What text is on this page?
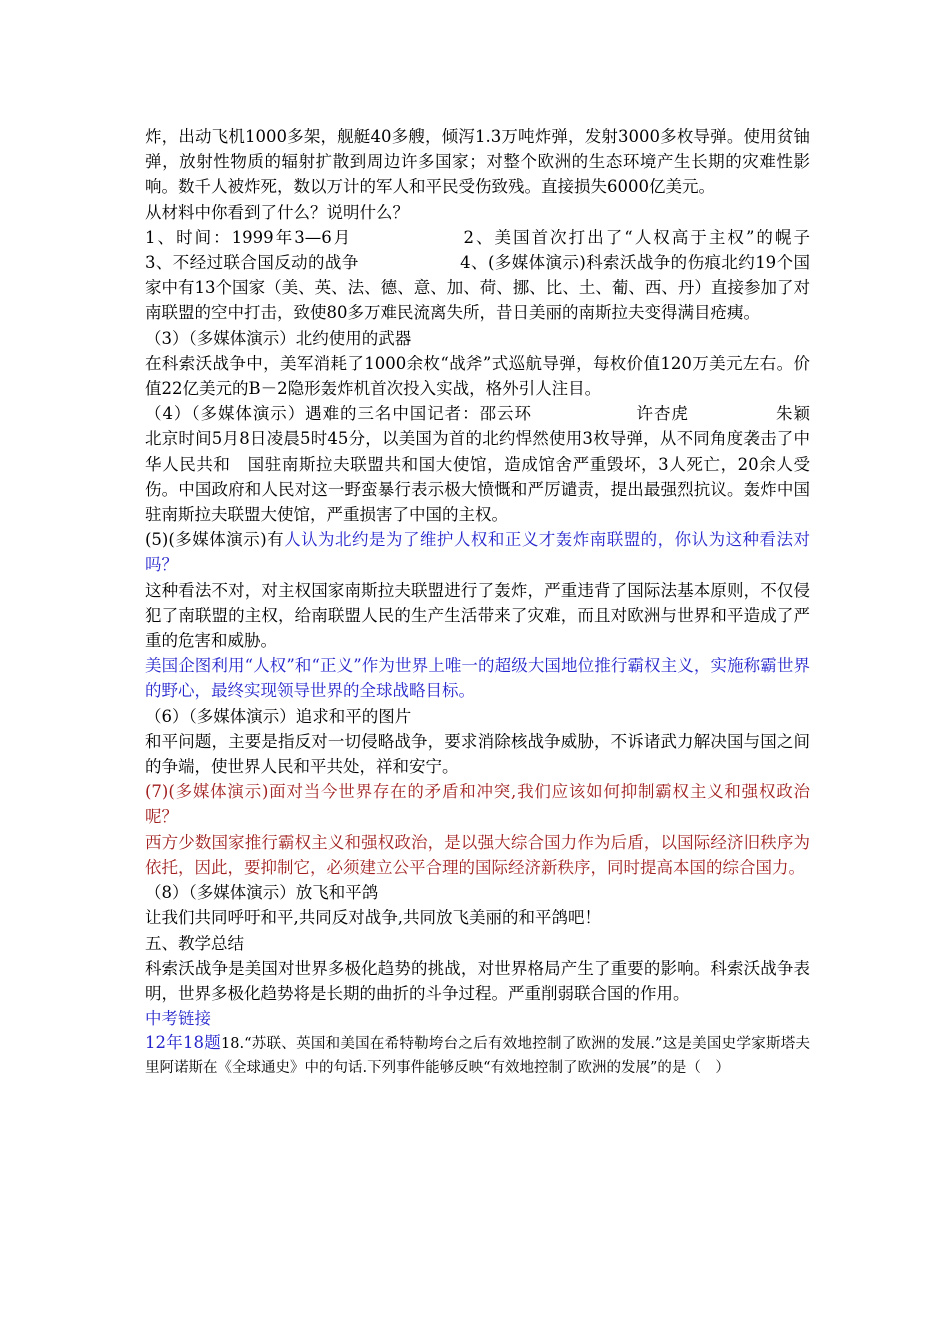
炸，出动飞机1000多架，舰艇40多艘，倾泻1.3万吨炸弹，发射3000多枚导弹。使用贫铀弹，放射性物质的辐射扩散到周边许多国家；对整个欧洲的生态环境产生长期的灾难性影响。数千人被炸死，数以万计的军人和平民受伤致残。直接损失6000亿美元。

从材料中你看到了什么？说明什么？

1、时间：1999年3—6月　　　　　　2、美国首次打出了“人权高于主权”的幌子　　　　3、不经过联合国反动的战争　　　　　　4、(多媒体演示)科索沃战争的伤痕北约19个国家中有13个国家（美、英、法、德、意、加、荷、挪、比、土、葡、西、丹）直接参加了对南联盟的空中打击，致使80多万难民流离失所，昔日美丽的南斯拉夫变得满目疮痍。

（3）（多媒体演示）北约使用的武器

在科索沃战争中，美军消耗了1000余枚“战斧”式巡航导弹，每枚价值120万美元左右。价值22亿美元的B－2隐形轰炸机首次投入实战，格外引人注目。

（4）（多媒体演示）遇难的三名中国记者：邵云环　　　　　　许杏虎　　　　　朱颖　　北京时间5月8日凌晨5时45分，以美国为首的北约悍然使用3枚导弹，从不同角度袭击了中华人民共和　国驻南斯拉夫联盟共和国大使馆，造成馆舍严重毁坏，3人死亡，20余人受伤。中国政府和人民对这一野蛮暴行表示极大愤慨和严厉谴责，提出最强烈抗议。轰炸中国驻南斯拉夫联盟大使馆，严重损害了中国的主权。

(5)(多媒体演示)有人认为北约是为了维护人权和正义才轰炸南联盟的，你认为这种看法对吗？

这种看法不对，对主权国家南斯拉夫联盟进行了轰炸，严重违背了国际法基本原则，不仅侵犯了南联盟的主权，给南联盟人民的生产生活带来了灾难，而且对欧洲与世界和平造成了严重的危害和威胁。

美国企图利用“人权”和“正义”作为世界上唯一的超级大国地位推行霸权主义，实施称霸世界的野心，最终实现领导世界的全球战略目标。

（6）（多媒体演示）追求和平的图片

和平问题，主要是指反对一切侵略战争，要求消除核战争威胁，不诉诸武力解决国与国之间的争端，使世界人民和平共处，祥和安宁。

(7)(多媒体演示)面对当今世界存在的矛盾和冲突,我们应该如何抑制霸权主义和强权政治呢？

西方少数国家推行霸权主义和强权政治，是以强大综合国力作为后盾，以国际经济旧秩序为依托，因此，要抑制它，必须建立公平合理的国际经济新秩序，同时提高本国的综合国力。

（8）（多媒体演示）放飞和平鸽

让我们共同呼吁和平,共同反对战争,共同放飞美丽的和平鸽吧！

五、教学总结

科索沃战争是美国对世界多极化趋势的挑战，对世界格局产生了重要的影响。科索沃战争表明，世界多极化趋势将是长期的曲折的斗争过程。严重削弱联合国的作用。

中考链接

12年18题18.“苏联、英国和美国在希特勒垮台之后有效地控制了欧洲的发展.”这是美国史学家斯塔夫里阿诺斯在《全球通史》中的句话.下列事件能够反映“有效地控制了欧洲的发展”的是（　）
